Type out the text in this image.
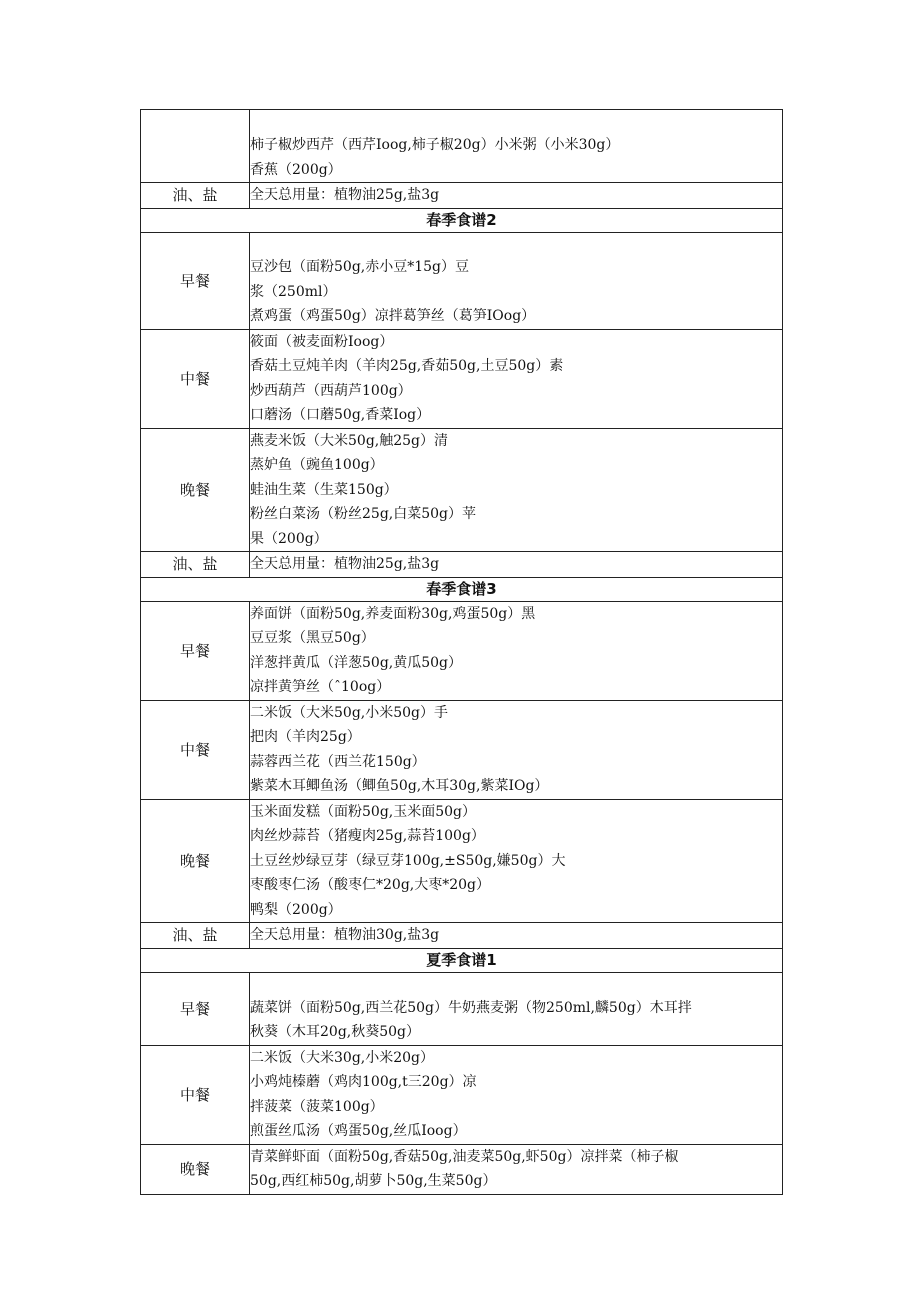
	柿子椒炒西芹（西芹Ioog,柿子椒20g）小米粥（小米30g）
香蕉（200g）

油、盐	全天总用量：植物油25g,盐3g

春季食谱2	
早餐	豆沙包（面粉50g,赤小豆*15g）豆
浆（250ml）
煮鸡蛋（鸡蛋50g）凉拌葛笋丝（葛笋IOog）

中餐	筱面（被麦面粉Ioog）
香菇土豆炖羊肉（羊肉25g,香茹50g,土豆50g）素
炒西葫芦（西葫芦100g）
口蘑汤（口蘑50g,香菜Iog）

晚餐	燕麦米饭（大米50g,触25g）清
蒸妒鱼（豌鱼100g）
蛙油生菜（生菜150g）
粉丝白菜汤（粉丝25g,白菜50g）苹
果（200g）

油、盐	全天总用量：植物油25g,盐3g

春季食谱3	
早餐	养面饼（面粉50g,养麦面粉30g,鸡蛋50g）黑
豆豆浆（黑豆50g）
洋葱拌黄瓜（洋葱50g,黄瓜50g）
凉拌黄笋丝（ˆ10og）

中餐	二米饭（大米50g,小米50g）手
把肉（羊肉25g）
蒜蓉西兰花（西兰花150g）
紫菜木耳鲫鱼汤（鲫鱼50g,木耳30g,紫菜IOg）

晚餐	玉米面发糕（面粉50g,玉米面50g）
肉丝炒蒜苔（猪瘦肉25g,蒜苔100g）
土豆丝炒绿豆芽（绿豆芽100g,±S50g,嫌50g）大
枣酸枣仁汤（酸枣仁*20g,大枣*20g）
鸭梨（200g）

油、盐	全天总用量：植物油30g,盐3g

夏季食谱1	
早餐	蔬菜饼（面粉50g,西兰花50g）牛奶燕麦粥（物250ml,麟50g）木耳拌
秋葵（木耳20g,秋葵50g）

中餐	二米饭（大米30g,小米20g）
小鸡炖榛蘑（鸡肉100g,t三20g）凉
拌菠菜（菠菜100g）
煎蛋丝瓜汤（鸡蛋50g,丝瓜Ioog）

晚餐	青菜鲜虾面（面粉50g,香菇50g,油麦菜50g,虾50g）凉拌菜（柿子椒
50g,西红柿50g,胡萝卜50g,生菜50g）
